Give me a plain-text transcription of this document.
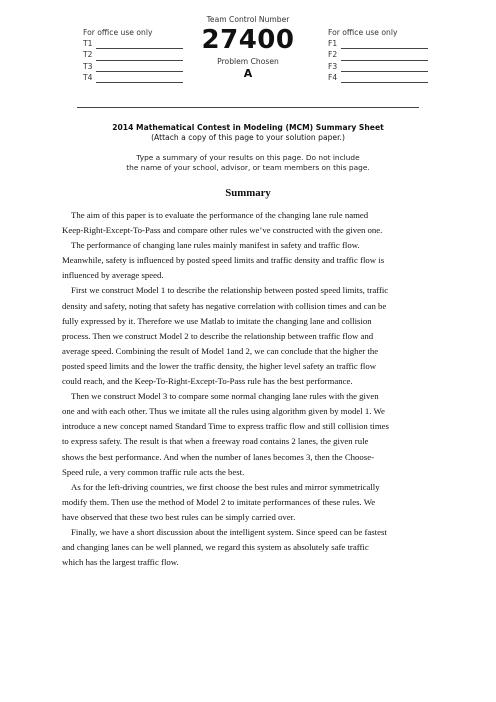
For office use only
T1
T2
T3
T4
Team Control Number
27400
Problem Chosen
A
For office use only
F1
F2
F3
F4
2014 Mathematical Contest in Modeling (MCM) Summary Sheet
(Attach a copy of this page to your solution paper.)
Type a summary of your results on this page. Do not include
the name of your school, advisor, or team members on this page.
Summary
The aim of this paper is to evaluate the performance of the changing lane rule named
Keep-Right-Except-To-Pass and compare other rules we’ve constructed with the given one.
The performance of changing lane rules mainly manifest in safety and traffic flow.
Meanwhile, safety is influenced by posted speed limits and traffic density and traffic flow is
influenced by average speed.
First we construct Model 1 to describe the relationship between posted speed limits, traffic
density and safety, noting that safety has negative correlation with collision times and can be
fully expressed by it. Therefore we use Matlab to imitate the changing lane and collision
process. Then we construct Model 2 to describe the relationship between traffic flow and
average speed. Combining the result of Model 1and 2, we can conclude that the higher the
posted speed limits and the lower the traffic density, the higher level safety an traffic flow
could reach, and the Keep-To-Right-Except-To-Pass rule has the best performance.
Then we construct Model 3 to compare some normal changing lane rules with the given
one and with each other. Thus we imitate all the rules using algorithm given by model 1. We
introduce a new concept named Standard Time to express traffic flow and still collision times
to express safety. The result is that when a freeway road contains 2 lanes, the given rule
shows the best performance. And when the number of lanes becomes 3, then the Choose-
Speed rule, a very common traffic rule acts the best.
As for the left-driving countries, we first choose the best rules and mirror symmetrically
modify them. Then use the method of Model 2 to imitate performances of these rules. We
have observed that these two best rules can be simply carried over.
Finally, we have a short discussion about the intelligent system. Since speed can be fastest
and changing lanes can be well planned, we regard this system as absolutely safe traffic
which has the largest traffic flow.
